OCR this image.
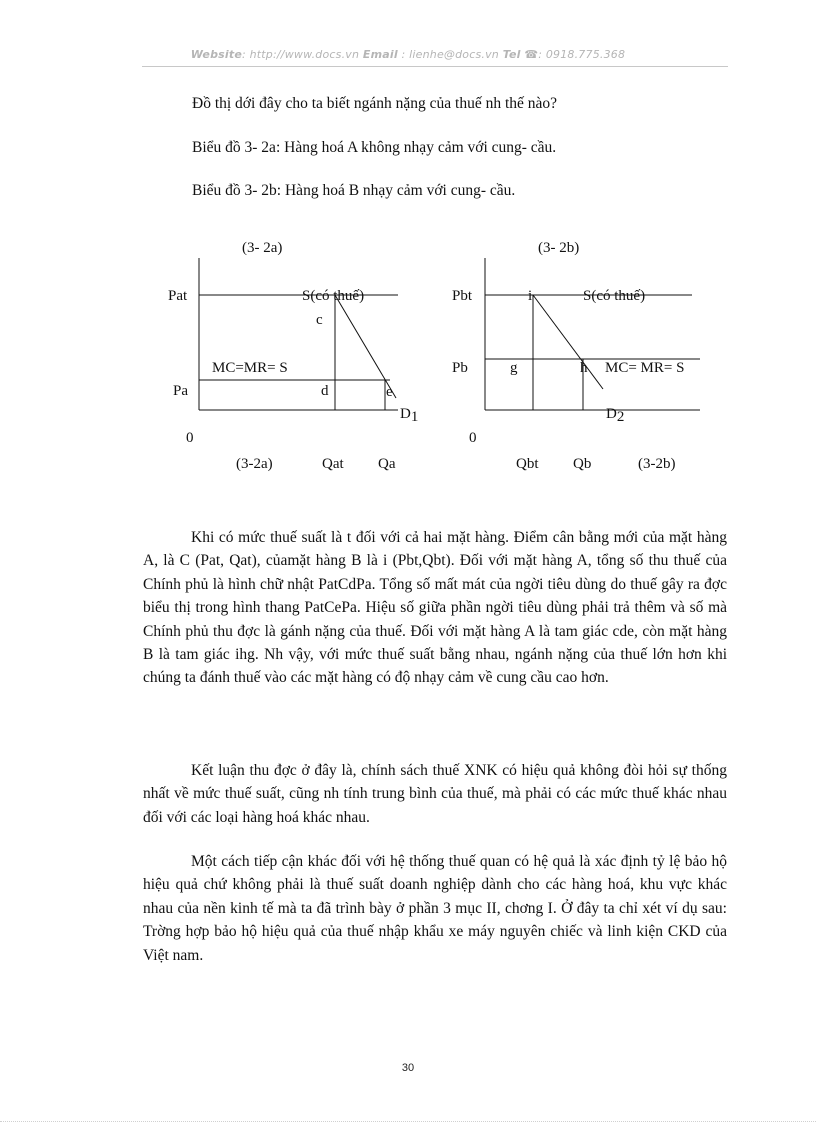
Website: http://www.docs.vn Email : lienhe@docs.vn Tel ☎: 0918.775.368
Đồ thị dới đây cho ta biết ngánh nặng của thuế nh thế nào?
Biểu đồ 3- 2a: Hàng hoá A không nhạy cảm với cung- cầu.
Biểu đồ 3- 2b: Hàng hoá B nhạy cảm với cung- cầu.
(3- 2a)
Pat
Pa
0
S(có thuế)
MC=MR= S
c
d	e
D1
(3-2a)	Qat Qa
(3- 2b)
Pbt
Pb
0
i	S(có thuế)
g	h MC= MR= S
D2
Qbt Qb	(3-2b)

Khi có mức thuế suất là t đối với cả hai mặt hàng. Điểm cân bằng mới của mặt hàng A, là C (Pat, Qat), củamặt hàng B là i (Pbt,Qbt). Đối với mặt hàng A, tổng số thu thuế của Chính phủ là hình chữ nhật PatCdPa. Tổng số mất mát của ngời tiêu dùng do thuế gây ra đợc biểu thị trong hình thang PatCePa. Hiệu số giữa phần ngời tiêu dùng phải trả thêm và số mà Chính phủ thu đợc là gánh nặng của thuế. Đối với mặt hàng A là tam giác cde, còn mặt hàng B là tam giác ihg. Nh vậy, với mức thuế suất bằng nhau, ngánh nặng của thuế lớn hơn khi chúng ta đánh thuế vào các mặt hàng có độ nhạy cảm về cung cầu cao hơn.

Kết luận thu đợc ở đây là, chính sách thuế XNK có hiệu quả không đòi hỏi sự thống nhất về mức thuế suất, cũng nh tính trung bình của thuế, mà phải có các mức thuế khác nhau đối với các loại hàng hoá khác nhau.

Một cách tiếp cận khác đối với hệ thống thuế quan có hệ quả là xác định tỷ lệ bảo hộ hiệu quả chứ không phải là thuế suất doanh nghiệp dành cho các hàng hoá, khu vực khác nhau của nền kinh tế mà ta đã trình bày ở phần 3 mục II, chơng I. Ở đây ta chỉ xét ví dụ sau: Trờng hợp bảo hộ hiệu quả của thuế nhập khẩu xe máy nguyên chiếc và linh kiện CKD của Việt nam.

30
